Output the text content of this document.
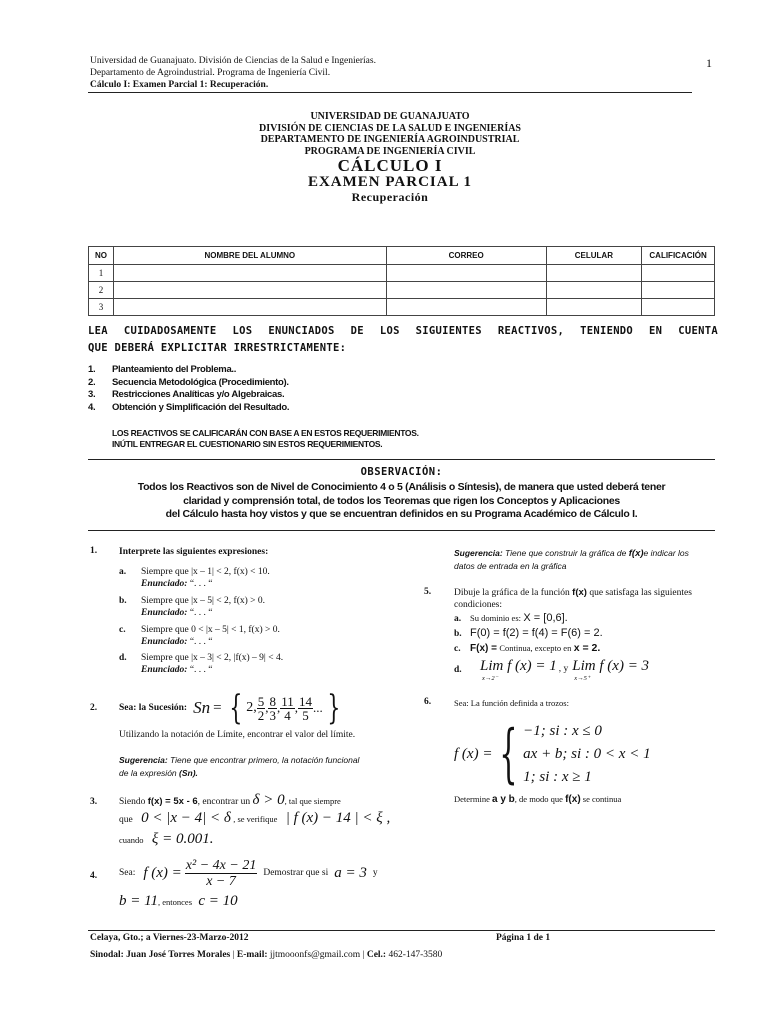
Universidad de Guanajuato. División de Ciencias de la Salud e Ingenierías.
Departamento de Agroindustrial. Programa de Ingeniería Civil.
Cálculo I: Examen Parcial 1: Recuperación.
1
UNIVERSIDAD DE GUANAJUATO
DIVISIÓN DE CIENCIAS DE LA SALUD E INGENIERÍAS
DEPARTAMENTO DE INGENIERÍA AGROINDUSTRIAL
PROGRAMA DE INGENIERÍA CIVIL
CÁLCULO I
EXAMEN PARCIAL 1
Recuperación
NO	NOMBRE DEL ALUMNO	CORREO	CELULAR	CALIFICACIÓN
1				
2				
3				
LEA CUIDADOSAMENTE LOS ENUNCIADOS DE LOS SIGUIENTES REACTIVOS, TENIENDO EN CUENTA
QUE DEBERÁ EXPLICITAR IRRESTRICTAMENTE:
1. Planteamiento del Problema..
2. Secuencia Metodológica (Procedimiento).
3. Restricciones Analíticas y/o Algebraicas.
4. Obtención y Simplificación del Resultado.
LOS REACTIVOS SE CALIFICARÁN CON BASE A EN ESTOS REQUERIMIENTOS.
INÚTIL ENTREGAR EL CUESTIONARIO SIN ESTOS REQUERIMIENTOS.
OBSERVACIÓN:
Todos los Reactivos son de Nivel de Conocimiento 4 o 5 (Análisis o Síntesis), de manera que usted deberá tener
claridad y comprensión total, de todos los Teoremas que rigen los Conceptos y Aplicaciones
del Cálculo hasta hoy vistos y que se encuentran definidos en su Programa Académico de Cálculo I.
1. Interprete las siguientes expresiones:
a. Siempre que |x – 1| < 2, f(x) < 10.
Enunciado: “. . . “
b. Siempre que |x – 5| < 2, f(x) > 0.
Enunciado: “. . . “
c. Siempre que 0 < |x – 5| < 1, f(x) > 0.
Enunciado: “. . . “
d. Siempre que |x – 3| < 2, |f(x) – 9| < 4.
Enunciado: “. . . “
2. Sea: la Sucesión: Sn = { 2, $\frac{5}{2}$ , $\frac{8}{3}$ , $\frac{11}{4}$ , $\frac{14}{5}$ ... }
Utilizando la notación de Límite, encontrar el valor del límite.
Sugerencia: Tiene que encontrar primero, la notación funcional
de la expresión (Sn).
3. Siendo f(x) = 5x - 6, encontrar un δ > 0, tal que siempre
que 0 < |x − 4| < δ , se verifique | f (x) − 14 | < ξ ,
cuando ξ = 0.001.
4. Sea: f $(x) = \frac{\text{x² − 4x − 21}}{x - 7}$ Demostrar que si a = 3 y
b = 11, entonces c = 10
Sugerencia: Tiene que construir la gráfica de f(x)e indicar los
datos de entrada en la gráfica
5. Dibuje la gráfica de la función f(x) que satisfaga las siguientes
condiciones:
a. Su dominio es: X = [0,6].
b. F(0) = f(2) = f(4) = F(6) = 2.
c. F(x) = Continua, excepto en x = 2.
d.	Lim f (x) = 1
x→2⁻
, y Lim f (x) = 3
x→5⁺
6.	Sea: La función definida a trozos:
f (x) = { −1; si : x ≤ 0
ax + b; si : 0 < x < 1
1; si : x ≥ 1
Determine a y b, de modo que f(x) se continua
Celaya, Gto.; a Viernes-23-Marzo-2012	Página 1 de 1
Sinodal: Juan José Torres Morales | E-mail: jjtmooonfs@gmail.com | Cel.: 462-147-3580
